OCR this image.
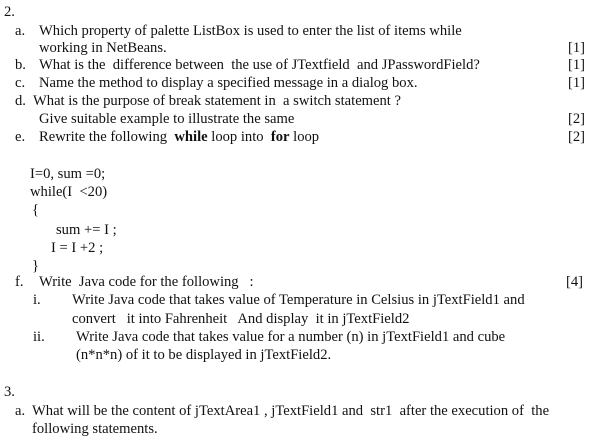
2.
a. Which property of palette ListBox is used to enter the list of items while
working in NetBeans.	[1]
b. What is the  difference between  the use of JTextfield  and JPasswordField?	[1]
c. Name the method to display a specified message in a dialog box.	[1]
d. What is the purpose of break statement in  a switch statement ?
Give suitable example to illustrate the same	[2]
e. Rewrite the following  while loop into  for loop	[2]
I=0, sum =0;
while(I  <20)
{
sum += I ;
I = I +2 ;
}
f. Write  Java code for the following   :	[4]
i. Write Java code that takes value of Temperature in Celsius in jTextField1 and
convert   it into Fahrenheit   And display  it in jTextField2
ii. Write Java code that takes value for a number (n) in jTextField1 and cube
(n*n*n) of it to be displayed in jTextField2.
3.
a. What will be the content of jTextArea1 , jTextField1 and  str1  after the execution of  the
following statements.
